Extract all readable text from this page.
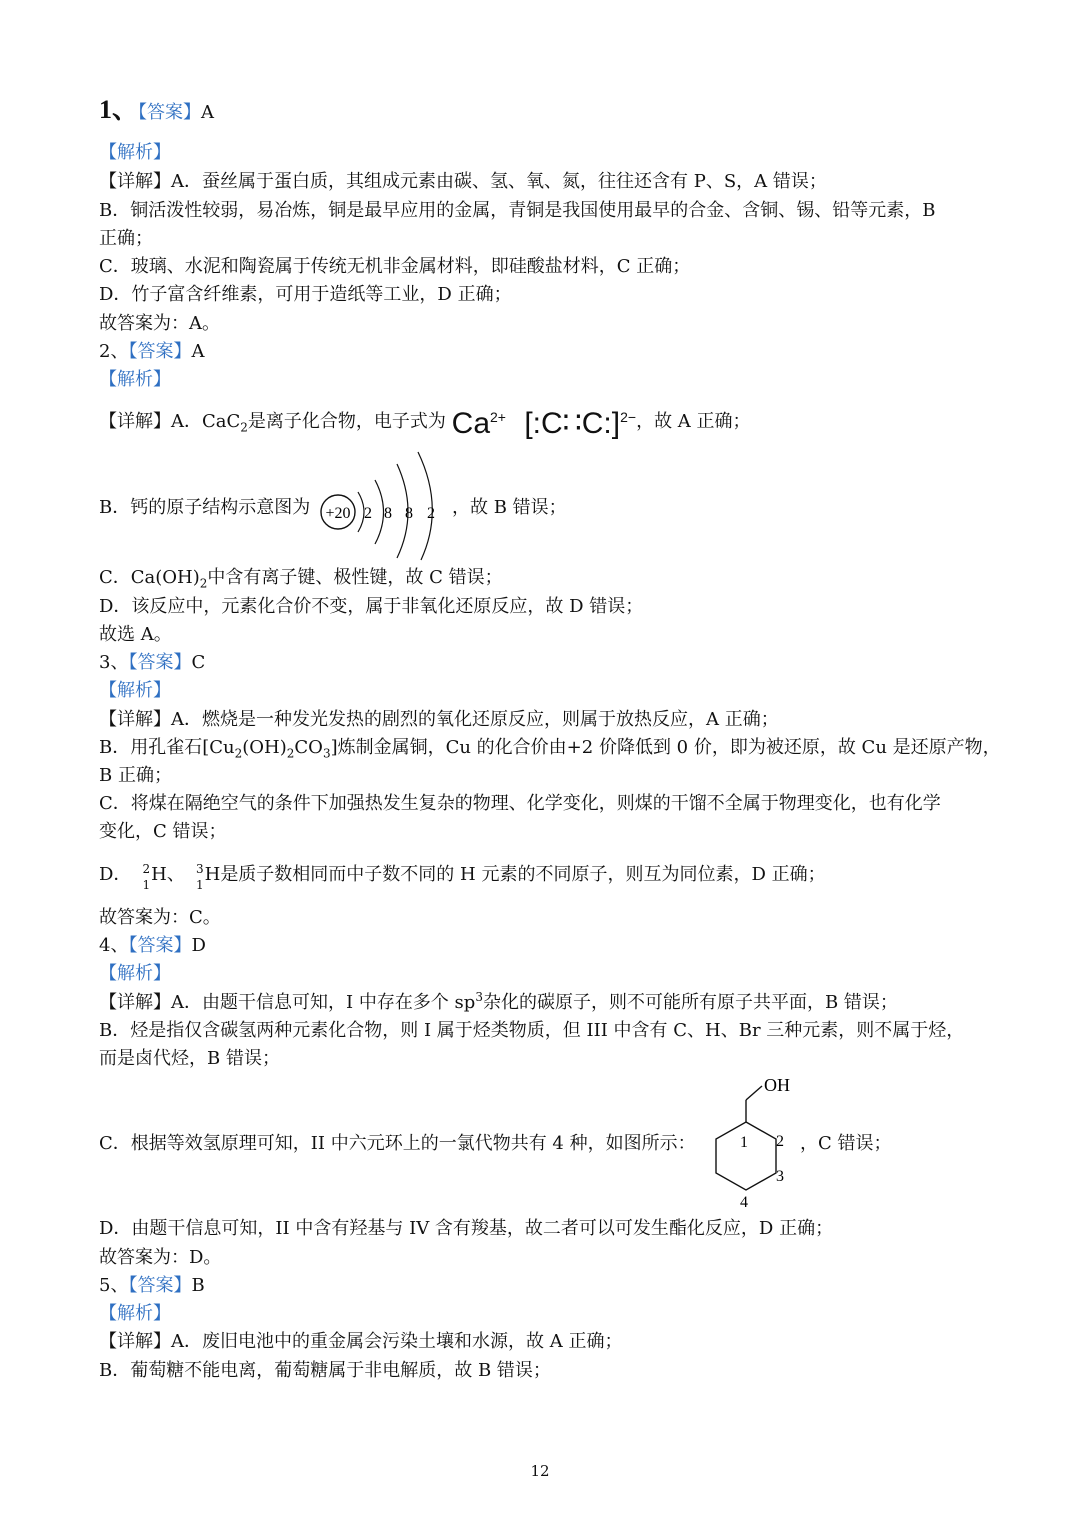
1、【答案】A
【解析】
【详解】A．蚕丝属于蛋白质，其组成元素由碳、氢、氧、氮，往往还含有 P、S，A 错误；
B．铜活泼性较弱，易冶炼，铜是最早应用的金属，青铜是我国使用最早的合金、含铜、锡、铅等元素，B
正确；
C．玻璃、水泥和陶瓷属于传统无机非金属材料，即硅酸盐材料，C 正确；
D．竹子富含纤维素，可用于造纸等工业，D 正确；
故答案为：A。
2、【答案】A
【解析】
【详解】A．CaC$_2$是离子化合物，电子式为 $Ca^{2+}$ [:C∷C:]$^{2-}$，故 A 正确；
B．钙的原子结构示意图为 +20 2 8 8 2 ，故 B 错误；
C．$Ca(OH)_2$中含有离子键、极性键，故 C 错误；
D．该反应中，元素化合价不变，属于非氧化还原反应，故 D 错误；
故选 A。
3、【答案】C
【解析】
【详解】A．燃烧是一种发光发热的剧烈的氧化还原反应，则属于放热反应，A 正确；
B．用孔雀石$[Cu_2(OH)_2CO_3]$炼制金属铜，Cu 的化合价由+2 价降低到 0 价，即为被还原，故 Cu 是还原产物，
B 正确；
C．将煤在隔绝空气的条件下加强热发生复杂的物理、化学变化，则煤的干馏不全属于物理变化，也有化学
变化，C 错误；
D． 2
1 H、 3
1 H是质子数相同而中子数不同的 H 元素的不同原子，则互为同位素，D 正确；
故答案为：C。
4、【答案】D
【解析】
【详解】A．由题干信息可知，I 中存在多个 $sp^3$杂化的碳原子，则不可能所有原子共平面，B 错误；
B．烃是指仅含碳氢两种元素化合物，则 I 属于烃类物质，但 III 中含有 C、H、Br 三种元素，则不属于烃，
而是卤代烃，B 错误；
C．根据等效氢原理可知，II 中六元环上的一氯代物共有 4 种，如图所示：
OH
1 2
3
4
，C 错误；
D．由题干信息可知，II 中含有羟基与 IV 含有羧基，故二者可以可发生酯化反应，D 正确；
故答案为：D。
5、【答案】B
【解析】
【详解】A．废旧电池中的重金属会污染土壤和水源，故 A 正确；
B．葡萄糖不能电离，葡萄糖属于非电解质，故 B 错误；
12
